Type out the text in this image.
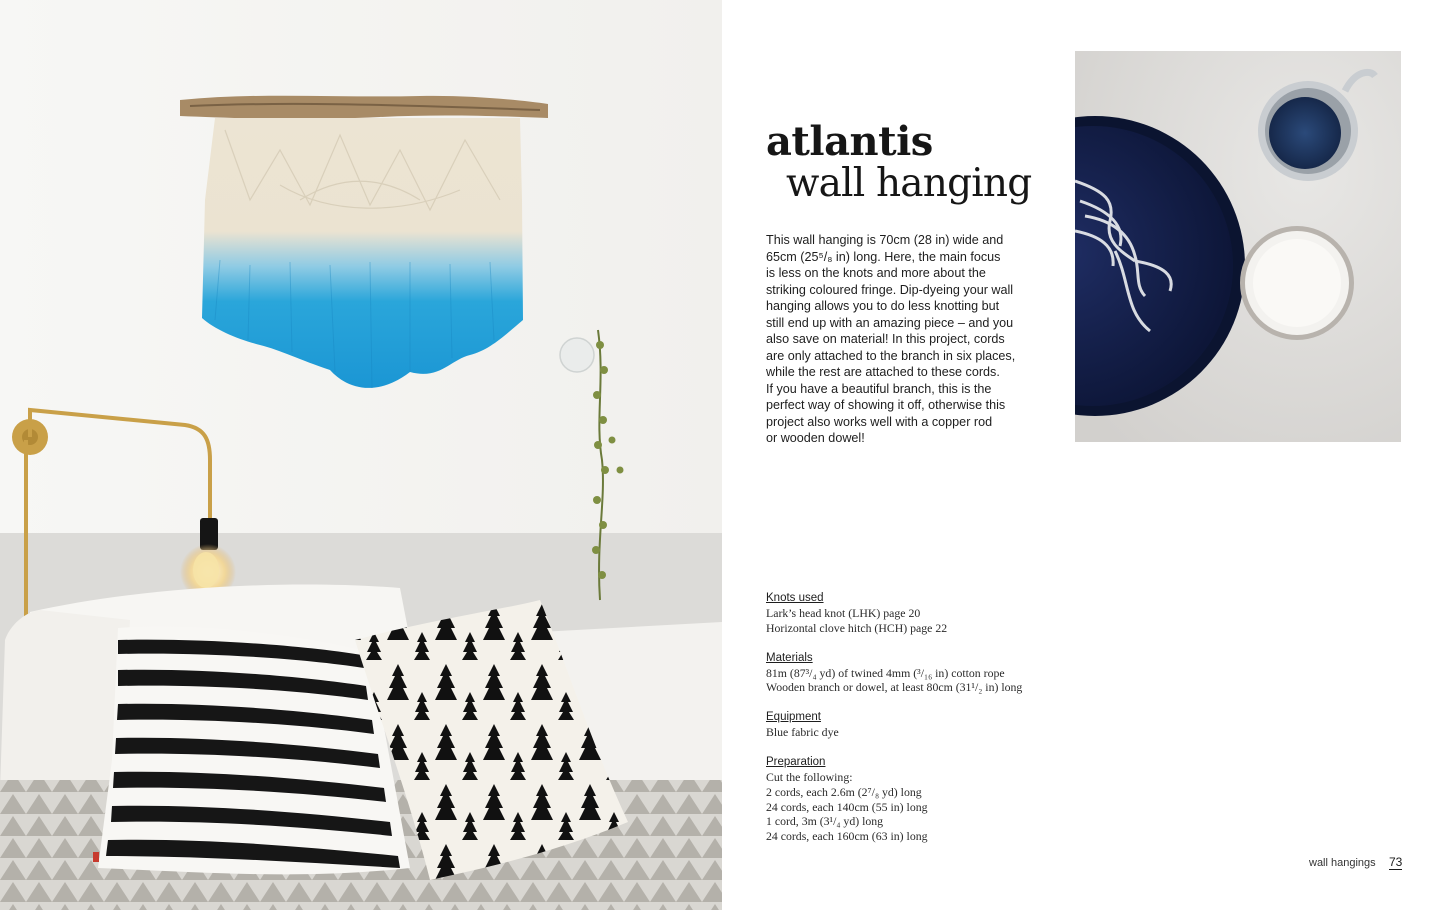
atlantis
wall hanging
This wall hanging is 70cm (28 in) wide and
65cm (25⁵/₈ in) long. Here, the main focus
is less on the knots and more about the
striking coloured fringe. Dip-dyeing your wall
hanging allows you to do less knotting but
still end up with an amazing piece – and you
also save on material! In this project, cords
are only attached to the branch in six places,
while the rest are attached to these cords.
If you have a beautiful branch, this is the
perfect way of showing it off, otherwise this
project also works well with a copper rod
or wooden dowel!
Knots used
Lark’s head knot (LHK) page 20
Horizontal clove hitch (HCH) page 22
Materials
81m (87³/₄ yd) of twined 4mm (³/₁₆ in) cotton rope
Wooden branch or dowel, at least 80cm (31¹/₂ in) long
Equipment
Blue fabric dye
Preparation
Cut the following:
2 cords, each 2.6m (2⁷/₈ yd) long
24 cords, each 140cm (55 in) long
1 cord, 3m (3¹/₄ yd) long
24 cords, each 160cm (63 in) long
wall hangings 73
